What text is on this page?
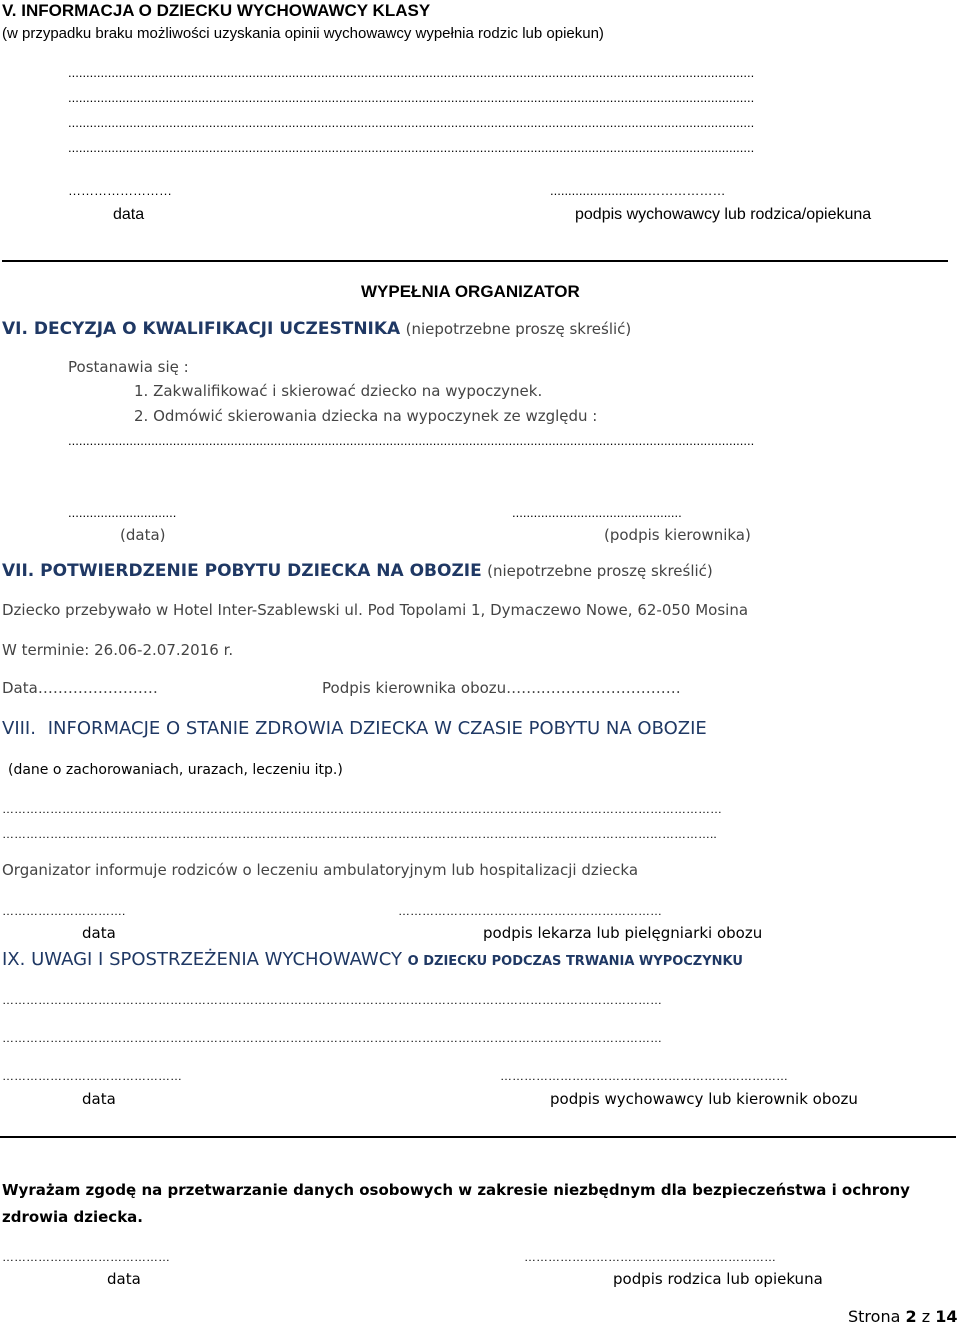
V. INFORMACJA O DZIECKU WYCHOWAWCY KLASY
(w przypadku braku możliwości uzyskania opinii wychowawcy wypełnia rodzic lub opiekun)
..............................................................................................................................................................................................
..............................................................................................................................................................................................
..............................................................................................................................................................................................
..............................................................................................................................................................................................
……………………	...........................………………
data	podpis wychowawcy lub rodzica/opiekuna
WYPEŁNIA ORGANIZATOR
VI. DECYZJA O KWALIFIKACJI UCZESTNIKA (niepotrzebne proszę skreślić)
Postanawia się :
1. Zakwalifikować i skierować dziecko na wypoczynek.
2. Odmówić skierowania dziecka na wypoczynek ze względu :
..............................................................................................................................................................................................
..............................	...............................................
(data)	(podpis kierownika)
VII. POTWIERDZENIE POBYTU DZIECKA NA OBOZIE (niepotrzebne proszę skreślić)
Dziecko przebywało w Hotel Inter-Szablewski ul. Pod Topolami 1, Dymaczewo Nowe, 62-050 Mosina
W terminie: 26.06-2.07.2016 r.
Data……………………	Podpis kierownika obozu……..………………………
VIII. INFORMACJE O STANIE ZDROWIA DZIECKA W CZASIE POBYTU NA OBOZIE
(dane o zachorowaniach, urazach, leczeniu itp.)
………………………………………………………………………………………………………………………………………………………………
……………………………………………………………………………………………………………………………………………………………..
Organizator informuje rodziców o leczeniu ambulatoryjnym lub hospitalizacji dziecka
………………………….	…………………………………………………………
data	podpis lekarza lub pielęgniarki obozu
IX. UWAGI I SPOSTRZEŻENIA WYCHOWAWCY O DZIECKU PODCZAS TRWANIA WYPOCZYNKU
…………………………………………………………………………………………………………………………………………………
…………………………………………………………………………………………………………………………………………………
………………………………………	………………………………………………………………
data	podpis wychowawcy lub kierownik obozu
Wyrażam zgodę na przetwarzanie danych osobowych w zakresie niezbędnym dla bezpieczeństwa i ochrony
zdrowia dziecka.
……………………………………	………………………………………………………
data	podpis rodzica lub opiekuna
Strona 2 z 14
